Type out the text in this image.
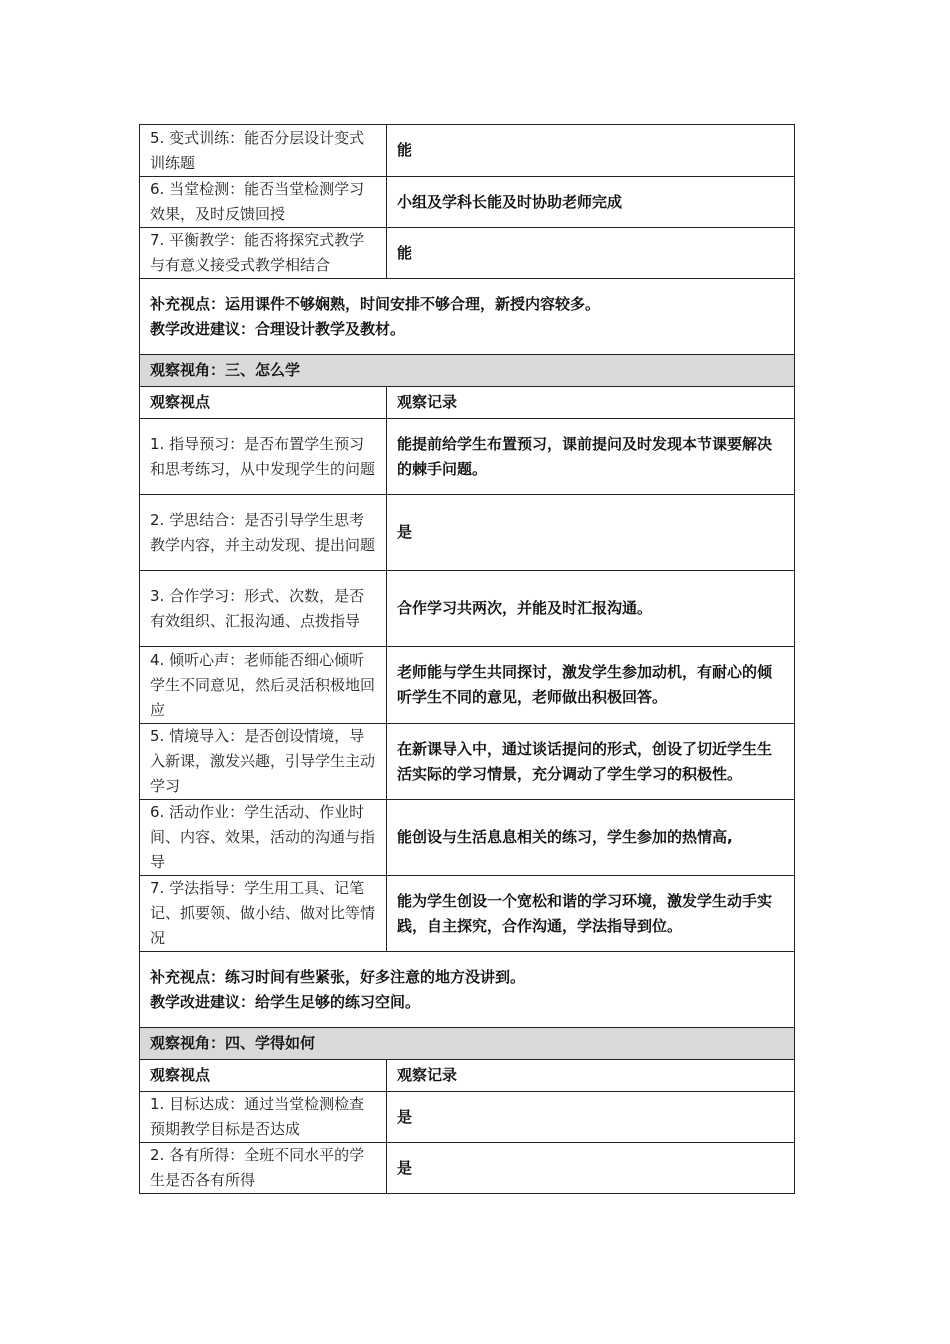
5. 变式训练：能否分层设计变式训练题	能
6. 当堂检测：能否当堂检测学习效果，及时反馈回授	小组及学科长能及时协助老师完成
7. 平衡教学：能否将探究式教学与有意义接受式教学相结合	能

补充视点：运用课件不够娴熟，时间安排不够合理，新授内容较多。
教学改进建议：合理设计教学及教材。	

观察视角：三、怎么学	
观察视点	观察记录
1. 指导预习：是否布置学生预习和思考练习，从中发现学生的问题	能提前给学生布置预习，课前提问及时发现本节课要解决的棘手问题。
2. 学思结合：是否引导学生思考教学内容，并主动发现、提出问题	是
3. 合作学习：形式、次数，是否有效组织、汇报沟通、点拨指导	合作学习共两次，并能及时汇报沟通。
4. 倾听心声：老师能否细心倾听学生不同意见，然后灵活积极地回应	老师能与学生共同探讨，激发学生参加动机，有耐心的倾听学生不同的意见，老师做出积极回答。
5. 情境导入：是否创设情境，导入新课，激发兴趣，引导学生主动学习	在新课导入中，通过谈话提问的形式，创设了切近学生生活实际的学习情景，充分调动了学生学习的积极性。
6. 活动作业：学生活动、作业时间、内容、效果，活动的沟通与指导	能创设与生活息息相关的练习，学生参加的热情高,
7. 学法指导：学生用工具、记笔记、抓要领、做小结、做对比等情况	能为学生创设一个宽松和谐的学习环境，激发学生动手实践，自主探究，合作沟通，学法指导到位。

补充视点：练习时间有些紧张，好多注意的地方没讲到。
教学改进建议：给学生足够的练习空间。	

观察视角：四、学得如何	
观察视点	观察记录
1. 目标达成：通过当堂检测检查预期教学目标是否达成	是
2. 各有所得：全班不同水平的学生是否各有所得	是
